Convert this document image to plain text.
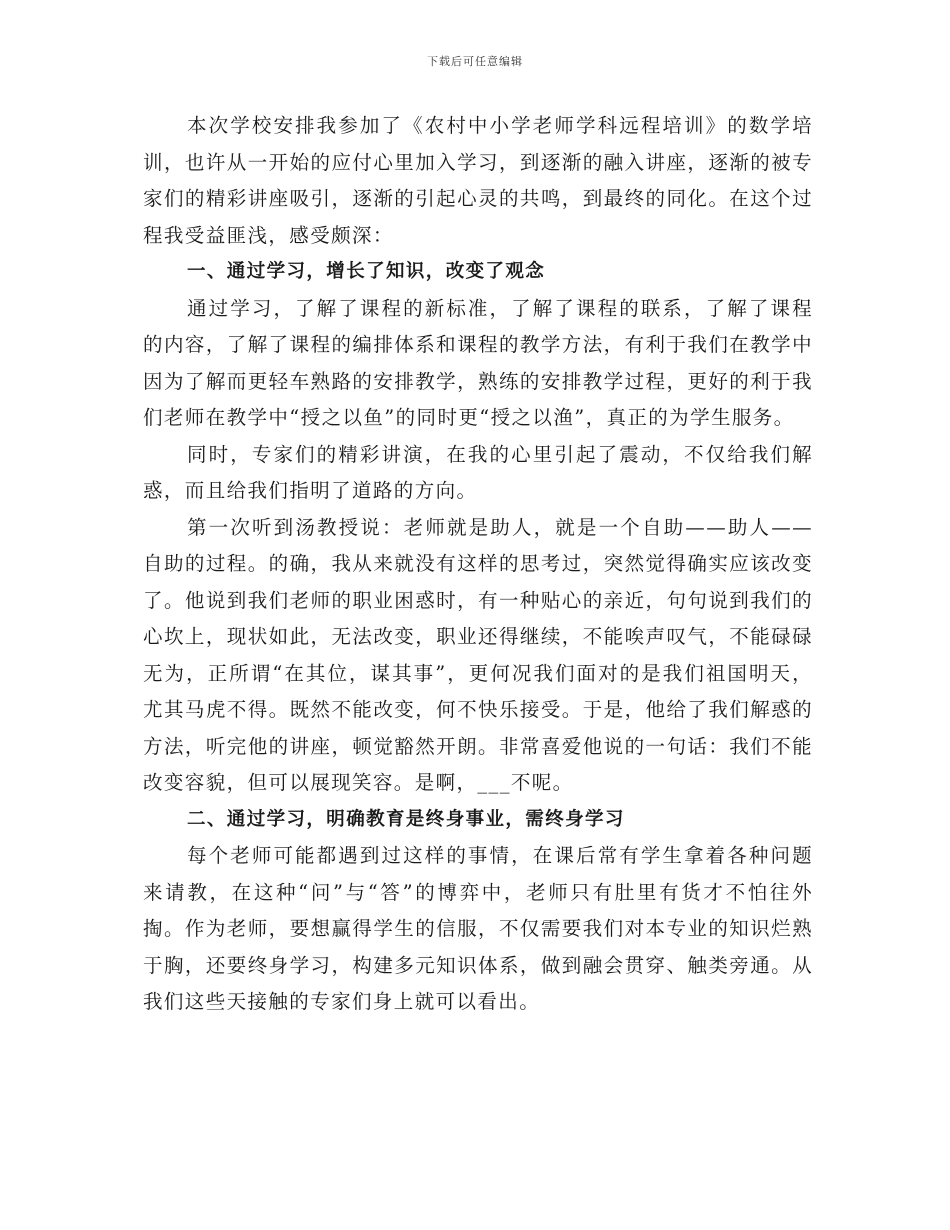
下载后可任意编辑

本次学校安排我参加了《农村中小学老师学科远程培训》的数学培训，也许从一开始的应付心里加入学习，到逐渐的融入讲座，逐渐的被专家们的精彩讲座吸引，逐渐的引起心灵的共鸣，到最终的同化。在这个过程我受益匪浅，感受颇深：

一、通过学习，增长了知识，改变了观念

通过学习，了解了课程的新标准，了解了课程的联系，了解了课程的内容，了解了课程的编排体系和课程的教学方法，有利于我们在教学中因为了解而更轻车熟路的安排教学，熟练的安排教学过程，更好的利于我们老师在教学中“授之以鱼”的同时更“授之以渔”，真正的为学生服务。

同时，专家们的精彩讲演，在我的心里引起了震动，不仅给我们解惑，而且给我们指明了道路的方向。

第一次听到汤教授说：老师就是助人，就是一个自助——助人——自助的过程。的确，我从来就没有这样的思考过，突然觉得确实应该改变了。他说到我们老师的职业困惑时，有一种贴心的亲近，句句说到我们的心坎上，现状如此，无法改变，职业还得继续，不能唉声叹气，不能碌碌无为，正所谓“在其位，谋其事”，更何况我们面对的是我们祖国明天，尤其马虎不得。既然不能改变，何不快乐接受。于是，他给了我们解惑的方法，听完他的讲座，顿觉豁然开朗。非常喜爱他说的一句话：我们不能改变容貌，但可以展现笑容。是啊，___不呢。

二、通过学习，明确教育是终身事业，需终身学习

每个老师可能都遇到过这样的事情，在课后常有学生拿着各种问题来请教，在这种“问”与“答”的博弈中，老师只有肚里有货才不怕往外掏。作为老师，要想赢得学生的信服，不仅需要我们对本专业的知识烂熟于胸，还要终身学习，构建多元知识体系，做到融会贯穿、触类旁通。从我们这些天接触的专家们身上就可以看出。
